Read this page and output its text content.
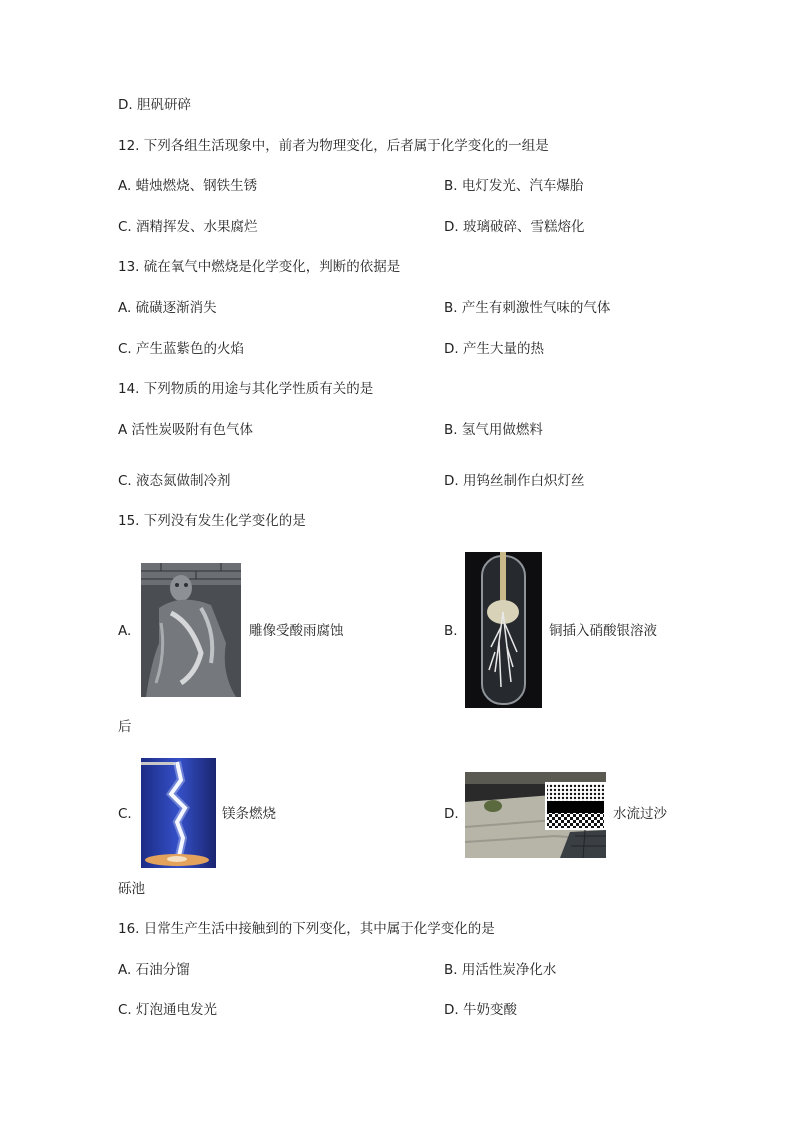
D. 胆矾研碎
12. 下列各组生活现象中，前者为物理变化，后者属于化学变化的一组是
A. 蜡烛燃烧、钢铁生锈	B. 电灯发光、汽车爆胎
C. 酒精挥发、水果腐烂	D. 玻璃破碎、雪糕熔化
13. 硫在氧气中燃烧是化学变化，判断的依据是
A. 硫磺逐渐消失	B. 产生有刺激性气味的气体
C. 产生蓝紫色的火焰	D. 产生大量的热
14. 下列物质的用途与其化学性质有关的是
A 活性炭吸附有色气体	B. 氢气用做燃料
C. 液态氮做制冷剂	D. 用钨丝制作白炽灯丝
15. 下列没有发生化学变化的是
A.	雕像受酸雨腐蚀	B.	铜插入硝酸银溶液
后
C.	镁条燃烧	D.	水流过沙
砾池
16. 日常生产生活中接触到的下列变化，其中属于化学变化的是
A. 石油分馏	B. 用活性炭净化水
C. 灯泡通电发光	D. 牛奶变酸
